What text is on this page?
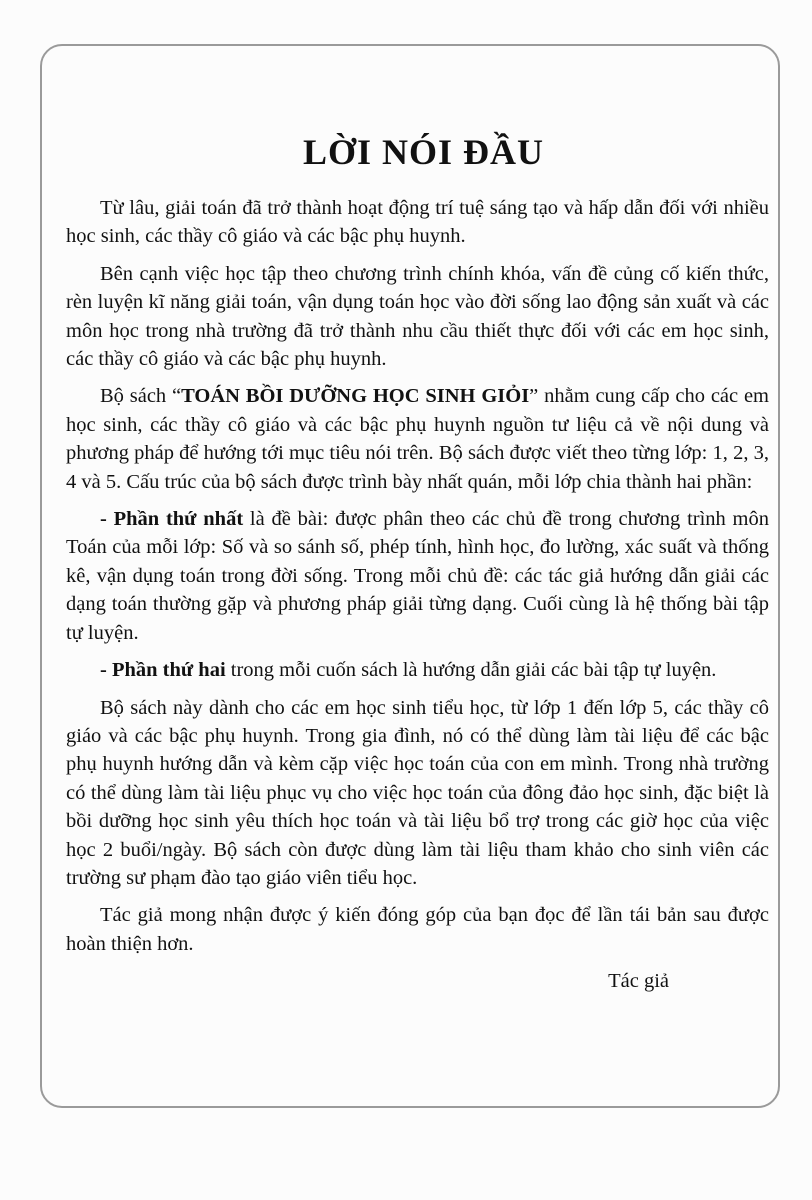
LỜI NÓI ĐẦU

Từ lâu, giải toán đã trở thành hoạt động trí tuệ sáng tạo và hấp dẫn đối với nhiều học sinh, các thầy cô giáo và các bậc phụ huynh.

Bên cạnh việc học tập theo chương trình chính khóa, vấn đề củng cố kiến thức, rèn luyện kĩ năng giải toán, vận dụng toán học vào đời sống lao động sản xuất và các môn học trong nhà trường đã trở thành nhu cầu thiết thực đối với các em học sinh, các thầy cô giáo và các bậc phụ huynh.

Bộ sách “TOÁN BỒI DƯỠNG HỌC SINH GIỎI” nhằm cung cấp cho các em học sinh, các thầy cô giáo và các bậc phụ huynh nguồn tư liệu cả về nội dung và phương pháp để hướng tới mục tiêu nói trên. Bộ sách được viết theo từng lớp: 1, 2, 3, 4 và 5. Cấu trúc của bộ sách được trình bày nhất quán, mỗi lớp chia thành hai phần:

- Phần thứ nhất là đề bài: được phân theo các chủ đề trong chương trình môn Toán của mỗi lớp: Số và so sánh số, phép tính, hình học, đo lường, xác suất và thống kê, vận dụng toán trong đời sống. Trong mỗi chủ đề: các tác giả hướng dẫn giải các dạng toán thường gặp và phương pháp giải từng dạng. Cuối cùng là hệ thống bài tập tự luyện.

- Phần thứ hai trong mỗi cuốn sách là hướng dẫn giải các bài tập tự luyện.

Bộ sách này dành cho các em học sinh tiểu học, từ lớp 1 đến lớp 5, các thầy cô giáo và các bậc phụ huynh. Trong gia đình, nó có thể dùng làm tài liệu để các bậc phụ huynh hướng dẫn và kèm cặp việc học toán của con em mình. Trong nhà trường có thể dùng làm tài liệu phục vụ cho việc học toán của đông đảo học sinh, đặc biệt là bồi dưỡng học sinh yêu thích học toán và tài liệu bổ trợ trong các giờ học của việc học 2 buổi/ngày. Bộ sách còn được dùng làm tài liệu tham khảo cho sinh viên các trường sư phạm đào tạo giáo viên tiểu học.

Tác giả mong nhận được ý kiến đóng góp của bạn đọc để lần tái bản sau được hoàn thiện hơn.

Tác giả
